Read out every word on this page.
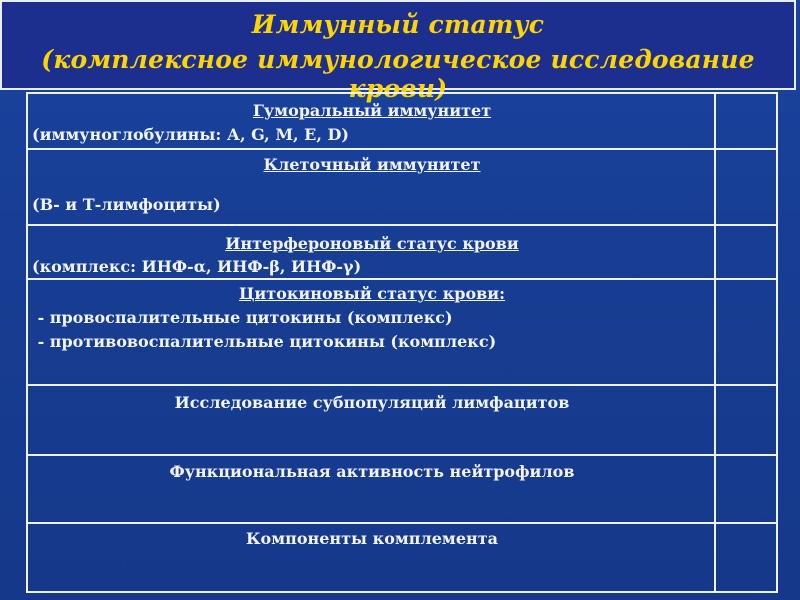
Иммунный статус
(комплексное иммунологическое исследование крови)
Гуморальный иммунитет
(иммуноглобулины: А, G, М, Е, D)
Клеточный иммунитет
(В- и Т-лимфоциты)
Интерфероновый статус крови
(комплекс: ИНФ-α, ИНФ-β, ИНФ-γ)
Цитокиновый статус крови:
- провоспалительные цитокины (комплекс)
- противовоспалительные цитокины (комплекс)
Исследование субпопуляций лимфацитов
Функциональная активность нейтрофилов
Компоненты комплемента
